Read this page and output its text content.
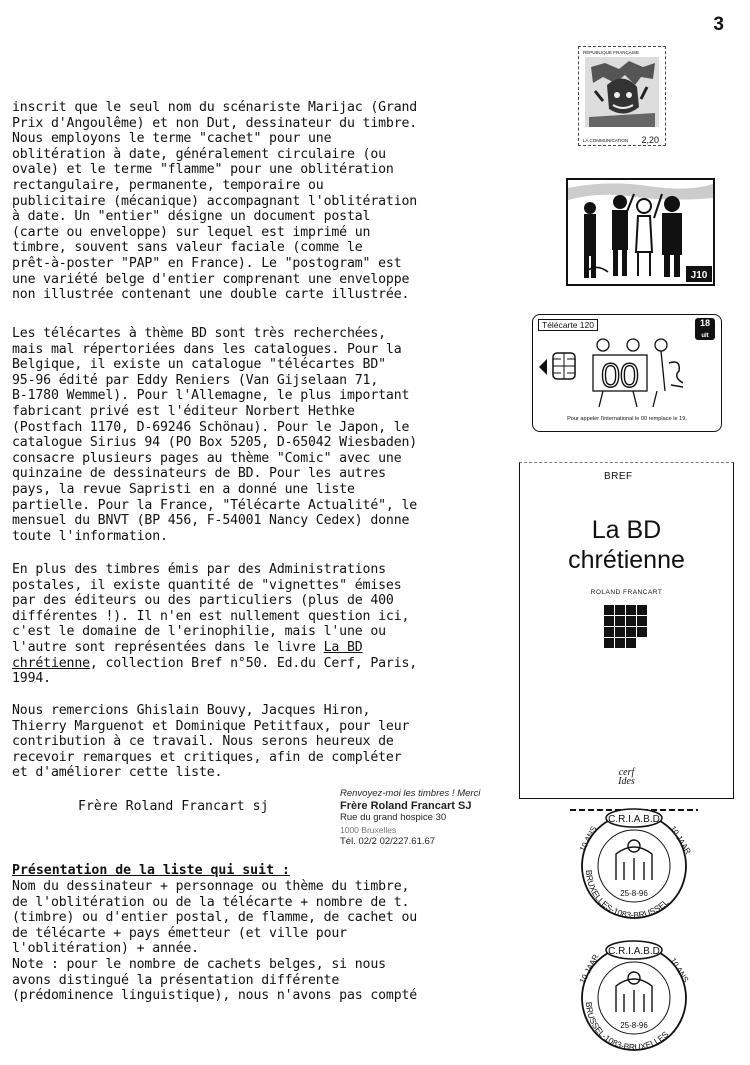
3
inscrit que le seul nom du scénariste Marijac (Grand
Prix d'Angoulême) et non Dut, dessinateur du timbre.
Nous employons le terme "cachet" pour une
oblitération à date, généralement circulaire (ou
ovale) et le terme "flamme" pour une oblitération
rectangulaire, permanente, temporaire ou
publicitaire (mécanique) accompagnant l'oblitération
à date. Un "entier" désigne un document postal
(carte ou enveloppe) sur lequel est imprimé un
timbre, souvent sans valeur faciale (comme le
prêt-à-poster "PAP" en France). Le "postogram" est
une variété belge d'entier comprenant une enveloppe
non illustrée contenant une double carte illustrée.
Les télécartes à thème BD sont très recherchées,
mais mal répertoriées dans les catalogues. Pour la
Belgique, il existe un catalogue "télécartes BD"
95-96 édité par Eddy Reniers (Van Gijselaan 71,
B-1780 Wemmel). Pour l'Allemagne, le plus important
fabricant privé est l'éditeur Norbert Hethke
(Postfach 1170, D-69246 Schönau). Pour le Japon, le
catalogue Sirius 94 (PO Box 5205, D-65042 Wiesbaden)
consacre plusieurs pages au thème "Comic" avec une
quinzaine de dessinateurs de BD. Pour les autres
pays, la revue Sapristi en a donné une liste
partielle. Pour la France, "Télécarte Actualité", le
mensuel du BNVT (BP 456, F-54001 Nancy Cedex) donne
toute l'information.
En plus des timbres émis par des Administrations
postales, il existe quantité de "vignettes" émises
par des éditeurs ou des particuliers (plus de 400
différentes !). Il n'en est nullement question ici,
c'est le domaine de l'erinophilie, mais l'une ou
l'autre sont représentées dans le livre La BD
chrétienne, collection Bref n°50. Ed.du Cerf, Paris,
1994.
Nous remercions Ghislain Bouvy, Jacques Hiron,
Thierry Marguenot et Dominique Petitfaux, pour leur
contribution à ce travail. Nous serons heureux de
recevoir remarques et critiques, afin de compléter
et d'améliorer cette liste.
Frère Roland Francart sj
Présentation de la liste qui suit :
Nom du dessinateur + personnage ou thème du timbre,
de l'oblitération ou de la télécarte + nombre de t.
(timbre) ou d'entier postal, de flamme, de cachet ou
de télécarte + pays émetteur (et ville pour
l'oblitération) + année.
Note : pour le nombre de cachets belges, si nous
avons distingué la présentation différente
(prédominence linguistique), nous n'avons pas compté
RÉPUBLIQUE FRANÇAISE
LA COMMUNICATION 2,20
J10
Télécarte 120	18
ult
00
Pour appeler l'international le 00 remplace le 19.
BREF
La BD
chrétienne
ROLAND FRANCART
cerf
Ides
Renvoyez-moi les timbres ! Merci
Frère Roland Francart SJ
Rue du grand hospice 30
1000 Bruxelles
Tél. 02/2 02/227.61.67
C.R.I.A.B.D
10 ANS	10 JAAR
25-8-96
BRUXELLES-1083-BRUSSEL
C.R.I.A.B.D
10 JAAR	10 ANS
25-8-96
BRUSSEL-1083-BRUXELLES
